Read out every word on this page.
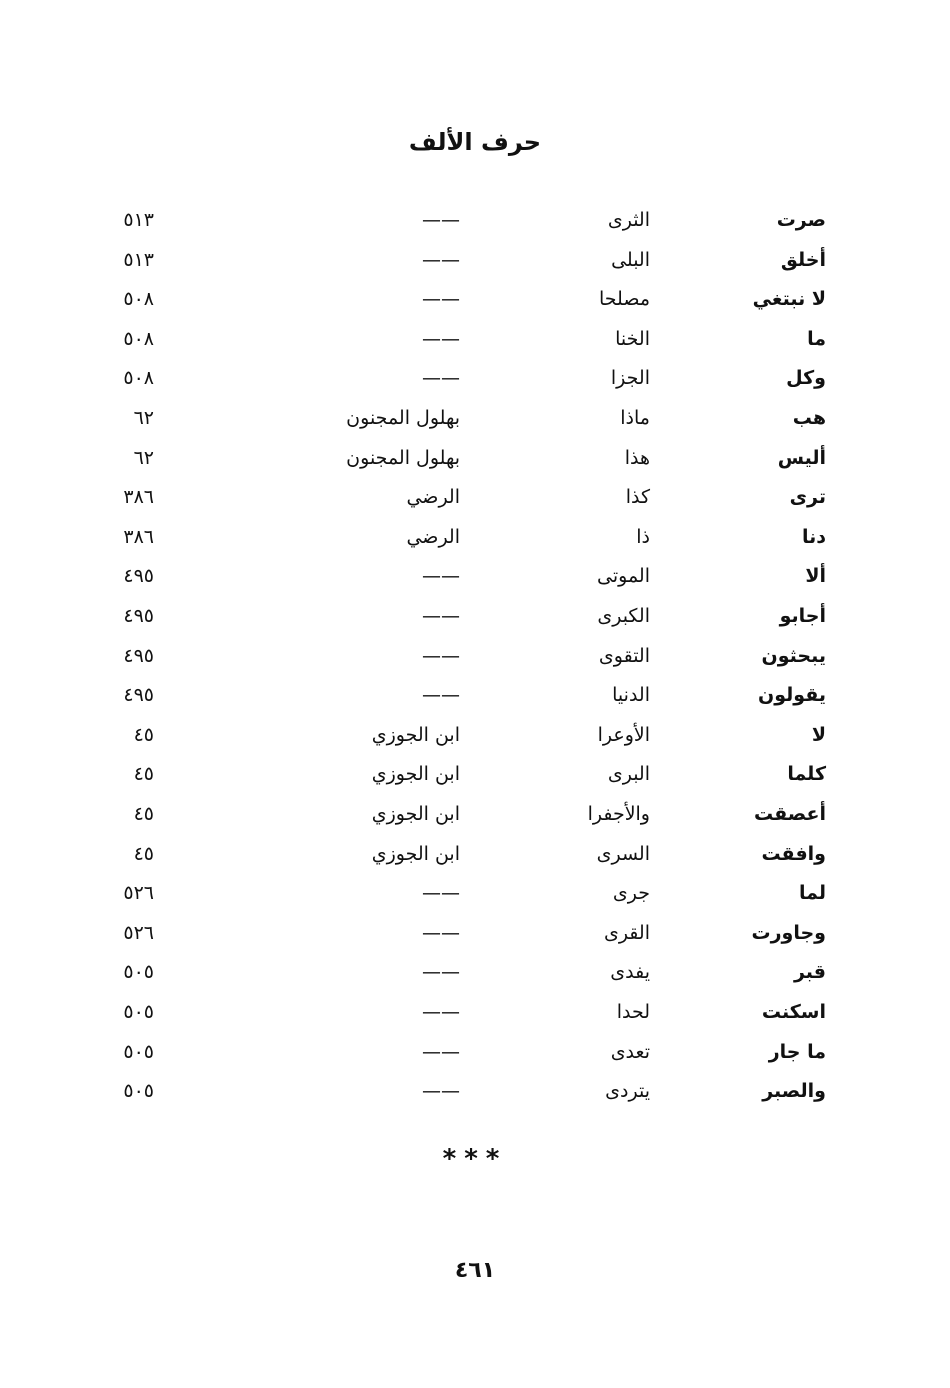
حرف الألف
صرت
الثرى
——
٥١٣
أخلق
البلى
——
٥١٣
لا نبتغي
مصلحا
——
٥٠٨
ما
الخنا
——
٥٠٨
وكل
الجزا
——
٥٠٨
هب
ماذا
بهلول المجنون
٦٢
أليس
هذا
بهلول المجنون
٦٢
ترى
كذا
الرضي
٣٨٦
دنا
ذا
الرضي
٣٨٦
ألا
الموتى
——
٤٩٥
أجابو
الكبرى
——
٤٩٥
يبحثون
التقوى
——
٤٩٥
يقولون
الدنيا
——
٤٩٥
لا
الأوعرا
ابن الجوزي
٤٥
كلما
البرى
ابن الجوزي
٤٥
أعصقت
والأجفرا
ابن الجوزي
٤٥
وافقت
السرى
ابن الجوزي
٤٥
لما
جرى
——
٥٢٦
وجاورت
القرى
——
٥٢٦
قبر
يفدى
——
٥٠٥
اسكنت
لحدا
——
٥٠٥
ما جار
تعدى
——
٥٠٥
والصبر
يتردى
——
٥٠٥
***
٤٦١
